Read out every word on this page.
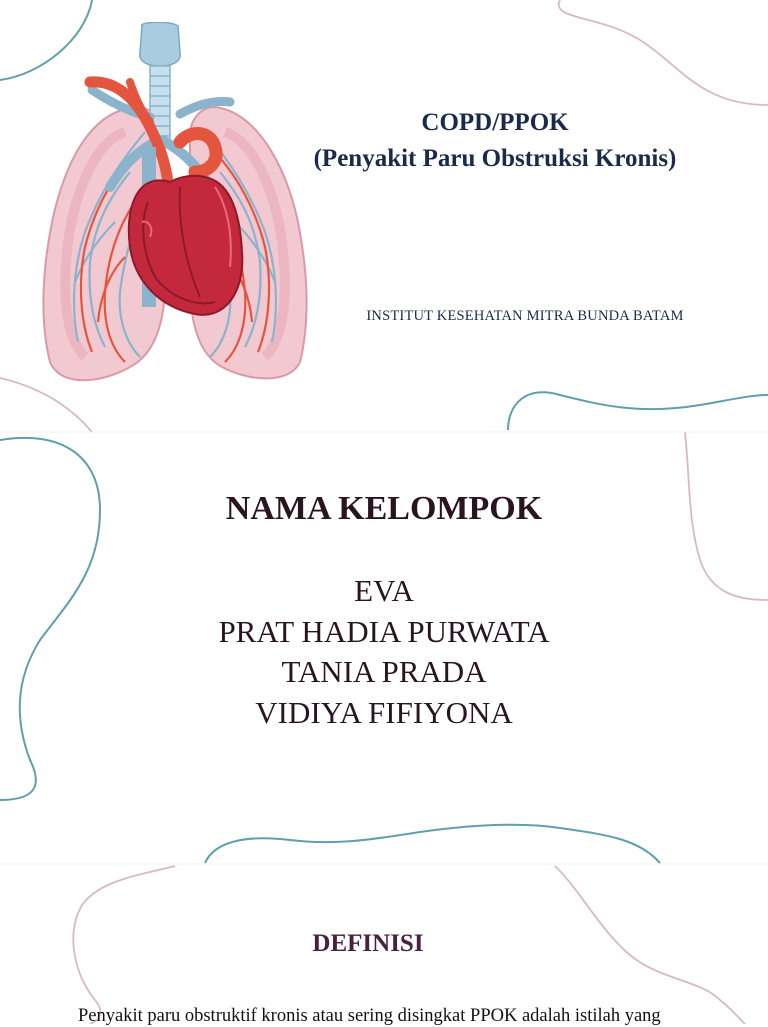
COPD/PPOK
(Penyakit Paru Obstruksi Kronis)
INSTITUT KESEHATAN MITRA BUNDA BATAM
NAMA KELOMPOK
EVA
PRAT HADIA PURWATA
TANIA PRADA
VIDIYA FIFIYONA
DEFINISI
Penyakit paru obstruktif kronis atau sering disingkat PPOK adalah istilah yang
